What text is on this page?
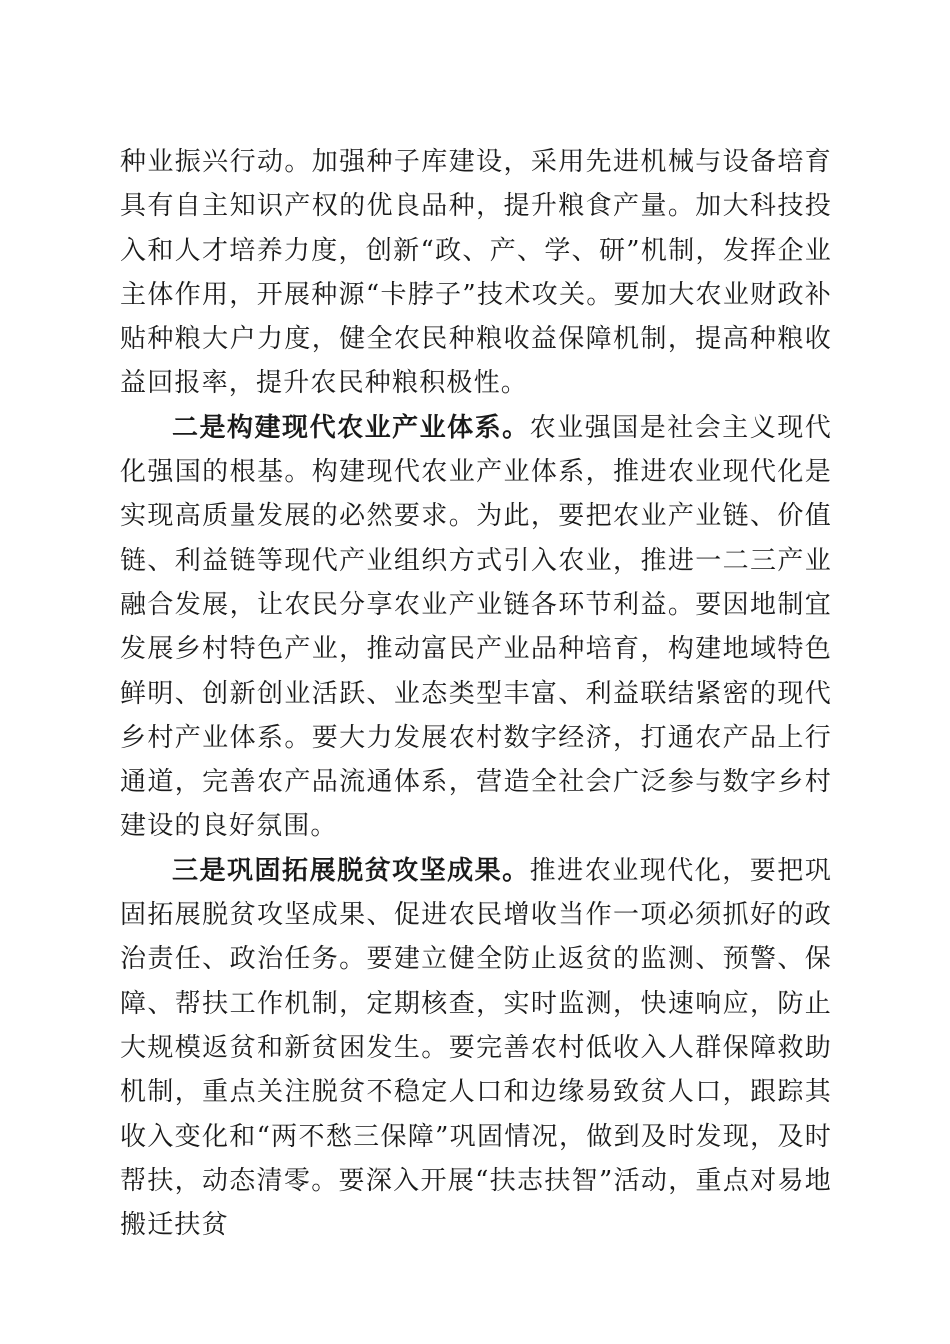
种业振兴行动。加强种子库建设，采用先进机械与设备培育具有自主知识产权的优良品种，提升粮食产量。加大科技投入和人才培养力度，创新“政、产、学、研”机制，发挥企业主体作用，开展种源“卡脖子”技术攻关。要加大农业财政补贴种粮大户力度，健全农民种粮收益保障机制，提高种粮收益回报率，提升农民种粮积极性。

二是构建现代农业产业体系。农业强国是社会主义现代化强国的根基。构建现代农业产业体系，推进农业现代化是实现高质量发展的必然要求。为此，要把农业产业链、价值链、利益链等现代产业组织方式引入农业，推进一二三产业融合发展，让农民分享农业产业链各环节利益。要因地制宜发展乡村特色产业，推动富民产业品种培育，构建地域特色鲜明、创新创业活跃、业态类型丰富、利益联结紧密的现代乡村产业体系。要大力发展农村数字经济，打通农产品上行通道，完善农产品流通体系，营造全社会广泛参与数字乡村建设的良好氛围。

三是巩固拓展脱贫攻坚成果。推进农业现代化，要把巩固拓展脱贫攻坚成果、促进农民增收当作一项必须抓好的政治责任、政治任务。要建立健全防止返贫的监测、预警、保障、帮扶工作机制，定期核查，实时监测，快速响应，防止大规模返贫和新贫困发生。要完善农村低收入人群保障救助机制，重点关注脱贫不稳定人口和边缘易致贫人口，跟踪其收入变化和“两不愁三保障”巩固情况，做到及时发现，及时帮扶，动态清零。要深入开展“扶志扶智”活动，重点对易地搬迁扶贫
